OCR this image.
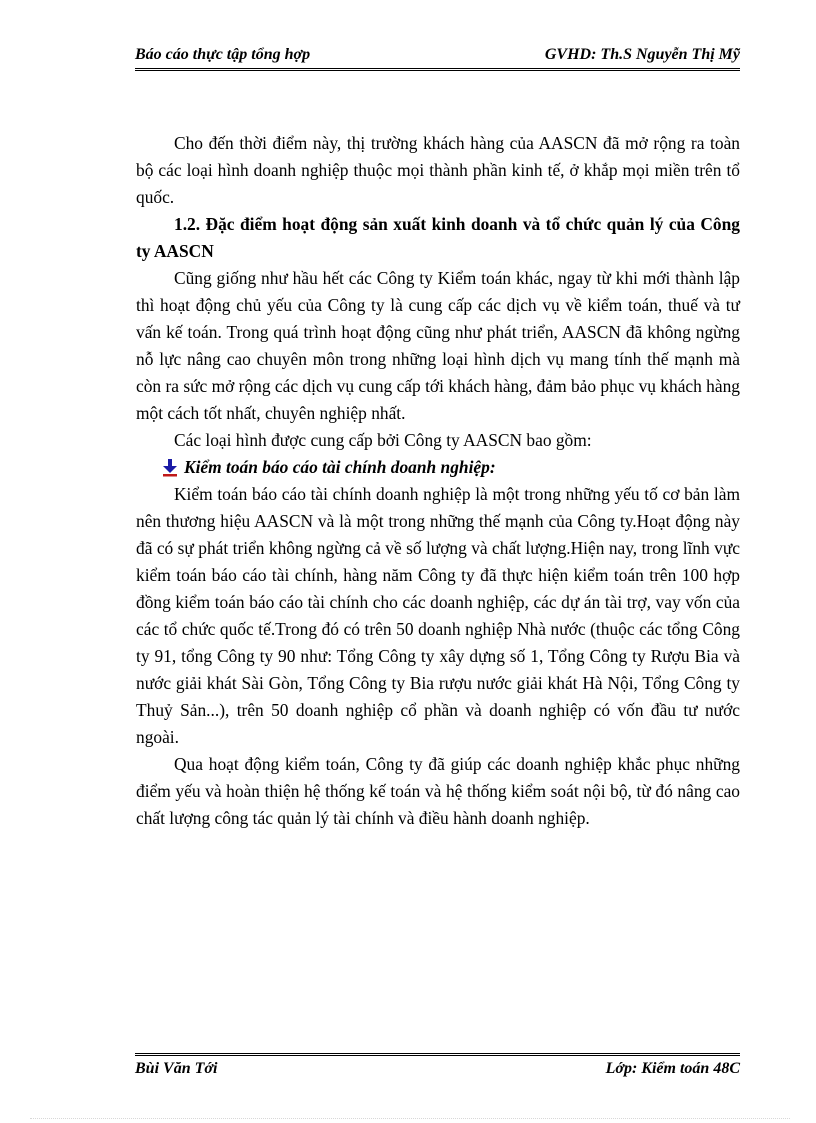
Báo cáo thực tập tổng hợp	GVHD: Th.S Nguyễn Thị Mỹ

Cho đến thời điểm này, thị trường khách hàng của AASCN đã mở rộng ra toàn bộ các loại hình doanh nghiệp thuộc mọi thành phần kinh tế, ở khắp mọi miền trên tổ quốc.

1.2. Đặc điểm hoạt động sản xuất kinh doanh và tổ chức quản lý của Công ty AASCN

Cũng giống như hầu hết các Công ty Kiểm toán khác, ngay từ khi mới thành lập thì hoạt động chủ yếu của Công ty là cung cấp các dịch vụ về kiểm toán, thuế và tư vấn kế toán. Trong quá trình hoạt động cũng như phát triển, AASCN đã không ngừng nỗ lực nâng cao chuyên môn trong những loại hình dịch vụ mang tính thế mạnh mà còn ra sức mở rộng các dịch vụ cung cấp tới khách hàng, đảm bảo phục vụ khách hàng một cách tốt nhất, chuyên nghiệp nhất.

Các loại hình được cung cấp bởi Công ty AASCN bao gồm:

Kiểm toán báo cáo tài chính doanh nghiệp:

Kiểm toán báo cáo tài chính doanh nghiệp là một trong những yếu tố cơ bản làm nên thương hiệu AASCN và là một trong những thế mạnh của Công ty.Hoạt động này đã có sự phát triển không ngừng cả về số lượng và chất lượng.Hiện nay, trong lĩnh vực kiểm toán báo cáo tài chính, hàng năm Công ty đã thực hiện kiểm toán trên 100 hợp đồng kiểm toán báo cáo tài chính cho các doanh nghiệp, các dự án tài trợ, vay vốn của các tổ chức quốc tế.Trong đó có trên 50 doanh nghiệp Nhà nước (thuộc các tổng Công ty 91, tổng Công ty 90 như: Tổng Công ty xây dựng số 1, Tổng Công ty Rượu Bia và nước giải khát Sài Gòn, Tổng Công ty Bia rượu nước giải khát Hà Nội, Tổng Công ty Thuỷ Sản...), trên 50 doanh nghiệp cổ phần và doanh nghiệp có vốn đầu tư nước ngoài.

Qua hoạt động kiểm toán, Công ty đã giúp các doanh nghiệp khắc phục những điểm yếu và hoàn thiện hệ thống kế toán và hệ thống kiểm soát nội bộ, từ đó nâng cao chất lượng công tác quản lý tài chính và điều hành doanh nghiệp.

Bùi Văn Tới	Lớp: Kiểm toán 48C
